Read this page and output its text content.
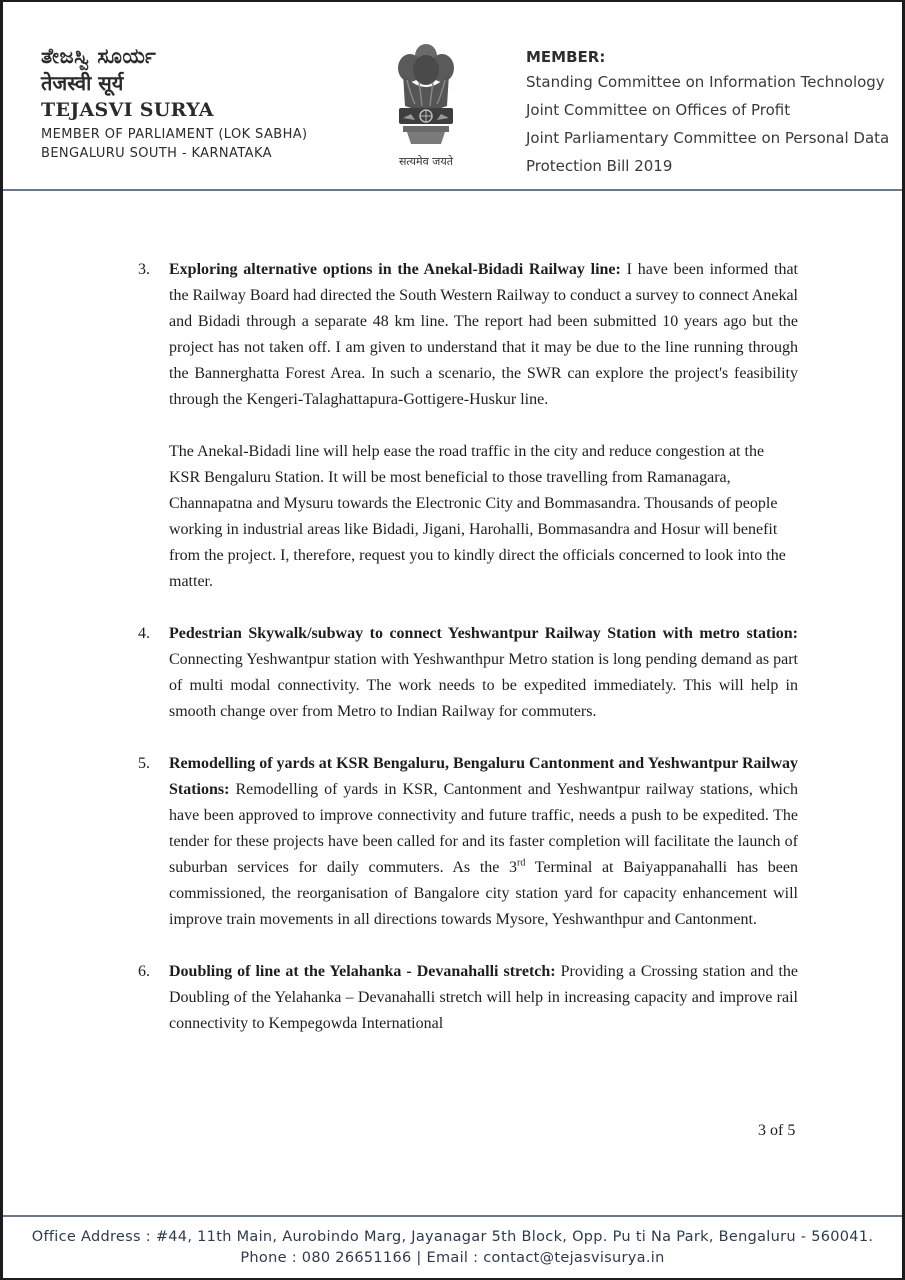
ತೇಜಸ್ವಿ ಸೂರ್ಯ
तेजस्वी सूर्य
TEJASVI SURYA
MEMBER OF PARLIAMENT (LOK SABHA)
BENGALURU SOUTH - KARNATAKA
सत्यमेव जयते
MEMBER:
Standing Committee on Information Technology
Joint Committee on Offices of Profit
Joint Parliamentary Committee on Personal Data
Protection Bill 2019
3. Exploring alternative options in the Anekal-Bidadi Railway line: I have been informed that the Railway Board had directed the South Western Railway to conduct a survey to connect Anekal and Bidadi through a separate 48 km line. The report had been submitted 10 years ago but the project has not taken off. I am given to understand that it may be due to the line running through the Bannerghatta Forest Area. In such a scenario, the SWR can explore the project's feasibility through the Kengeri-Talaghattapura-Gottigere-Huskur line.
The Anekal-Bidadi line will help ease the road traffic in the city and reduce congestion at the KSR Bengaluru Station. It will be most beneficial to those travelling from Ramanagara, Channapatna and Mysuru towards the Electronic City and Bommasandra. Thousands of people working in industrial areas like Bidadi, Jigani, Harohalli, Bommasandra and Hosur will benefit from the project. I, therefore, request you to kindly direct the officials concerned to look into the matter.
4. Pedestrian Skywalk/subway to connect Yeshwantpur Railway Station with metro station: Connecting Yeshwantpur station with Yeshwanthpur Metro station is long pending demand as part of multi modal connectivity. The work needs to be expedited immediately. This will help in smooth change over from Metro to Indian Railway for commuters.
5. Remodelling of yards at KSR Bengaluru, Bengaluru Cantonment and Yeshwantpur Railway Stations: Remodelling of yards in KSR, Cantonment and Yeshwantpur railway stations, which have been approved to improve connectivity and future traffic, needs a push to be expedited. The tender for these projects have been called for and its faster completion will facilitate the launch of suburban services for daily commuters. As the 3rd Terminal at Baiyappanahalli has been commissioned, the reorganisation of Bangalore city station yard for capacity enhancement will improve train movements in all directions towards Mysore, Yeshwanthpur and Cantonment.
6. Doubling of line at the Yelahanka - Devanahalli stretch: Providing a Crossing station and the Doubling of the Yelahanka – Devanahalli stretch will help in increasing capacity and improve rail connectivity to Kempegowda International
3 of 5
Office Address : #44, 11th Main, Aurobindo Marg, Jayanagar 5th Block, Opp. Pu ti Na Park, Bengaluru - 560041.
Phone : 080 26651166 | Email : contact@tejasvisurya.in
